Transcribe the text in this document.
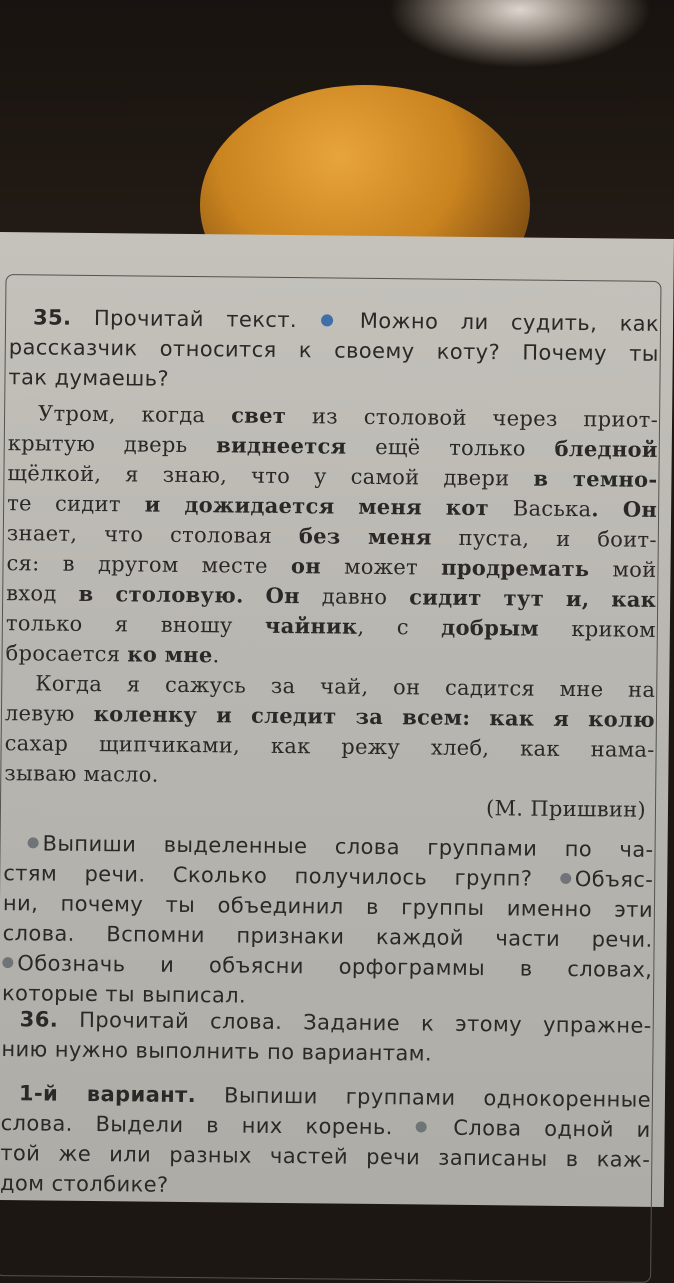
35. Прочитай текст.	Можно ли судить, как
рассказчик относится к своему коту? Почему ты
так думаешь?
Утром, когда свет из столовой через приот-
крытую дверь виднеется ещё только бледной
щёлкой, я знаю, что у самой двери в темно-
те сидит и дожидается меня кот Васька. Он
знает, что столовая без меня пуста, и боит-
ся: в другом месте он может продремать мой
вход в столовую. Он давно сидит тут и, как
только я вношу чайник, с добрым криком
бросается ко мне.
Когда я сажусь за чай, он садится мне на
левую коленку и следит за всем: как я колю
сахар щипчиками, как режу хлеб, как нама-
зываю масло.
(М. Пришвин)
Выпиши выделенные слова группами по ча-
стям речи. Сколько получилось групп? Объяс-
ни, почему ты объединил в группы именно эти
слова. Вспомни признаки каждой части речи.
Обозначь и объясни орфограммы в словах,
которые ты выписал.
36. Прочитай слова. Задание к этому упражне-
нию нужно выполнить по вариантам.
1-й вариант. Выпиши группами однокоренные
слова. Выдели в них корень.	Слова одной и
той же или разных частей речи записаны в каж-
дом столбике?
